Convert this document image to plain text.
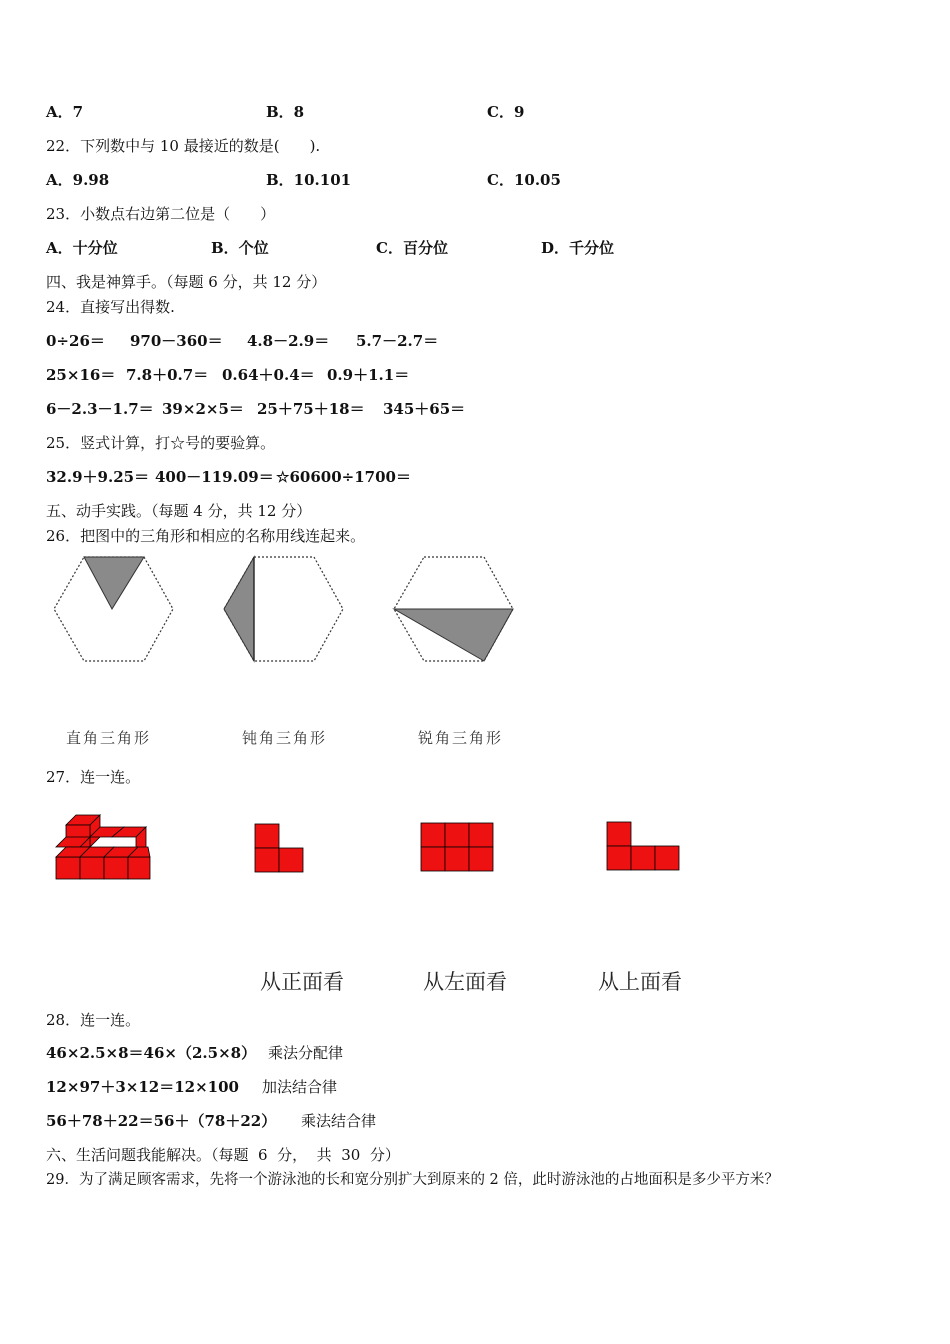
A．7	B．8	C．9
22．下列数中与 10 最接近的数是(　　).
A．9.98	B．10.101	C．10.05
23．小数点右边第二位是（　　）
A．十分位	B．个位	C．百分位	D．千分位
四、我是神算手。（每题 6 分，共 12 分）
24．直接写出得数.
0÷26＝ 970－360＝ 4.8－2.9＝ 5.7－2.7＝
25×16＝ 7.8＋0.7＝ 0.64＋0.4＝ 0.9＋1.1＝
6－2.3－1.7＝ 39×2×5＝ 25＋75＋18＝ 345＋65＝
25．竖式计算，打☆号的要验算。
32.9＋9.25＝ 400－119.09＝ ☆60600÷1700＝
五、动手实践。（每题 4 分，共 12 分）
26．把图中的三角形和相应的名称用线连起来。
直角三角形	钝角三角形	锐角三角形
27．连一连。
从正面看	从左面看	从上面看
28．连一连。
46×2.5×8＝46×（2.5×8） 乘法分配律
12×97＋3×12＝12×100 加法结合律
56＋78＋22＝56＋（78＋22） 乘法结合律
六、生活问题我能解决。（每题  6  分，  共  30  分）
29．为了满足顾客需求，先将一个游泳池的长和宽分别扩大到原来的 2 倍，此时游泳池的占地面积是多少平方米？
